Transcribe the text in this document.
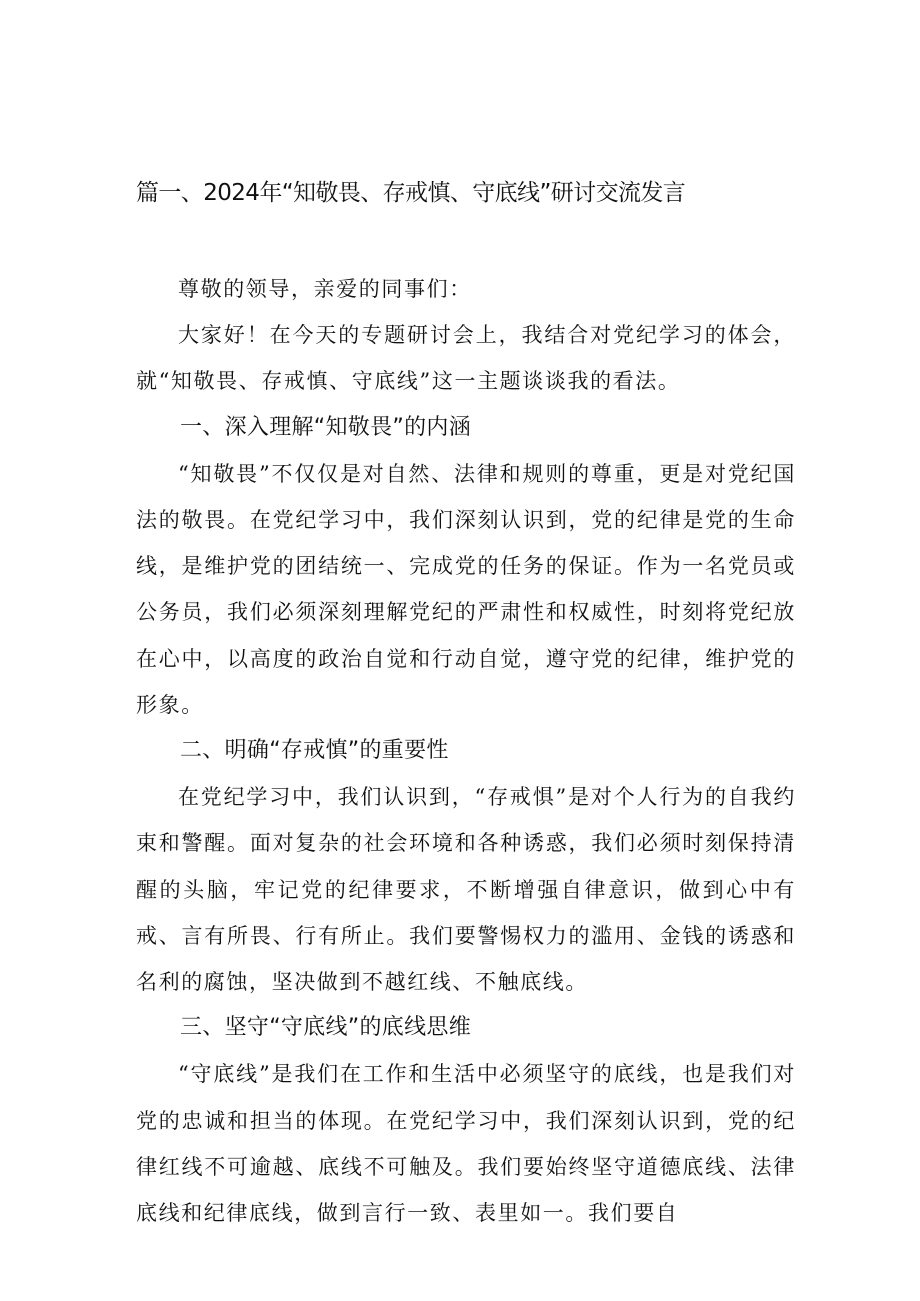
篇一、2024年“知敬畏、存戒慎、守底线”研讨交流发言

尊敬的领导，亲爱的同事们：

大家好！在今天的专题研讨会上，我结合对党纪学习的体会，就“知敬畏、存戒慎、守底线”这一主题谈谈我的看法。

一、深入理解“知敬畏”的内涵

“知敬畏”不仅仅是对自然、法律和规则的尊重，更是对党纪国法的敬畏。在党纪学习中，我们深刻认识到，党的纪律是党的生命线，是维护党的团结统一、完成党的任务的保证。作为一名党员或公务员，我们必须深刻理解党纪的严肃性和权威性，时刻将党纪放在心中，以高度的政治自觉和行动自觉，遵守党的纪律，维护党的形象。

二、明确“存戒慎”的重要性

在党纪学习中，我们认识到，“存戒惧”是对个人行为的自我约束和警醒。面对复杂的社会环境和各种诱惑，我们必须时刻保持清醒的头脑，牢记党的纪律要求，不断增强自律意识，做到心中有戒、言有所畏、行有所止。我们要警惕权力的滥用、金钱的诱惑和名利的腐蚀，坚决做到不越红线、不触底线。

三、坚守“守底线”的底线思维

“守底线”是我们在工作和生活中必须坚守的底线，也是我们对党的忠诚和担当的体现。在党纪学习中，我们深刻认识到，党的纪律红线不可逾越、底线不可触及。我们要始终坚守道德底线、法律底线和纪律底线，做到言行一致、表里如一。我们要自
